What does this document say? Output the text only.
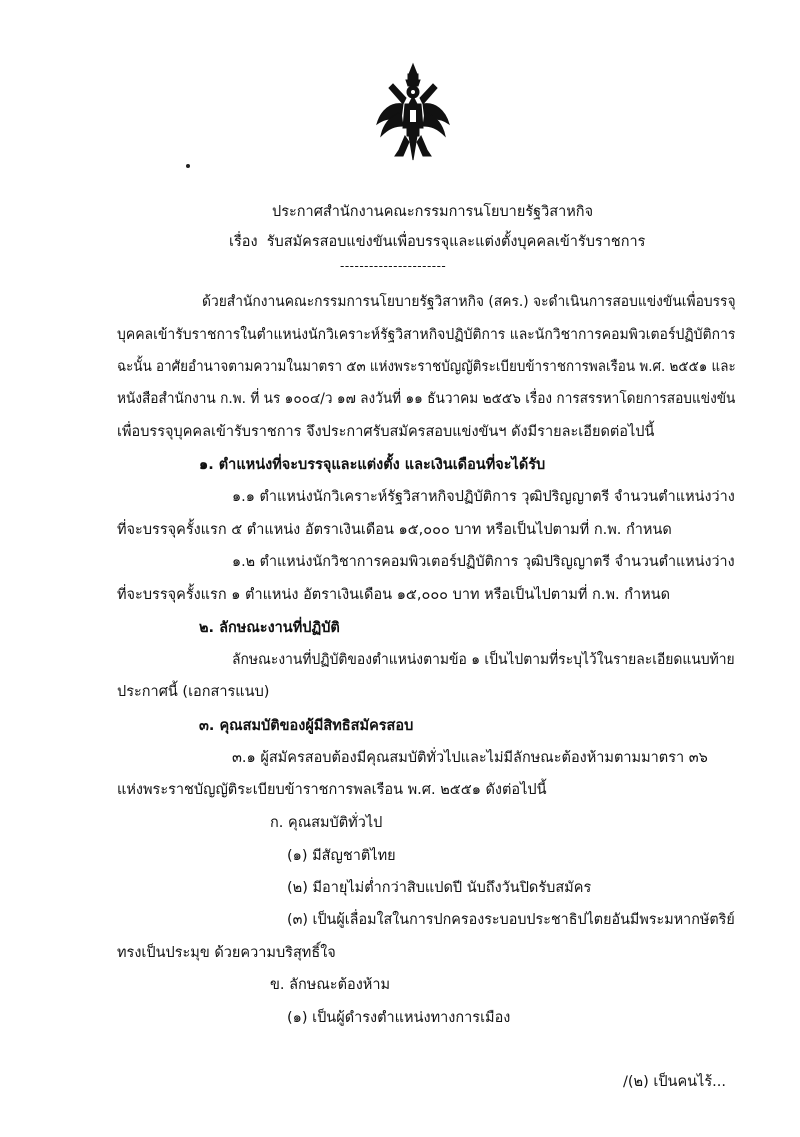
ประกาศสำนักงานคณะกรรมการนโยบายรัฐวิสาหกิจ
เรื่อง รับสมัครสอบแข่งขันเพื่อบรรจุและแต่งตั้งบุคคลเข้ารับราชการ
----------------------
ด้วยสำนักงานคณะกรรมการนโยบายรัฐวิสาหกิจ (สคร.) จะดำเนินการสอบแข่งขันเพื่อบรรจุ
บุคคลเข้ารับราชการในตำแหน่งนักวิเคราะห์รัฐวิสาหกิจปฏิบัติการ และนักวิชาการคอมพิวเตอร์ปฏิบัติการ
ฉะนั้น อาศัยอำนาจตามความในมาตรา ๕๓ แห่งพระราชบัญญัติระเบียบข้าราชการพลเรือน พ.ศ. ๒๕๕๑ และ
หนังสือสำนักงาน ก.พ. ที่ นร ๑๐๐๔/ว ๑๗ ลงวันที่ ๑๑ ธันวาคม ๒๕๕๖ เรื่อง การสรรหาโดยการสอบแข่งขัน
เพื่อบรรจุบุคคลเข้ารับราชการ จึงประกาศรับสมัครสอบแข่งขันฯ ดังมีรายละเอียดต่อไปนี้
๑. ตำแหน่งที่จะบรรจุและแต่งตั้ง และเงินเดือนที่จะได้รับ
๑.๑ ตำแหน่งนักวิเคราะห์รัฐวิสาหกิจปฏิบัติการ วุฒิปริญญาตรี จำนวนตำแหน่งว่าง
ที่จะบรรจุครั้งแรก ๕ ตำแหน่ง อัตราเงินเดือน ๑๕,๐๐๐ บาท หรือเป็นไปตามที่ ก.พ. กำหนด
๑.๒ ตำแหน่งนักวิชาการคอมพิวเตอร์ปฏิบัติการ วุฒิปริญญาตรี จำนวนตำแหน่งว่าง
ที่จะบรรจุครั้งแรก ๑ ตำแหน่ง อัตราเงินเดือน ๑๕,๐๐๐ บาท หรือเป็นไปตามที่ ก.พ. กำหนด
๒. ลักษณะงานที่ปฏิบัติ
ลักษณะงานที่ปฏิบัติของตำแหน่งตามข้อ ๑ เป็นไปตามที่ระบุไว้ในรายละเอียดแนบท้าย
ประกาศนี้ (เอกสารแนบ)
๓. คุณสมบัติของผู้มีสิทธิสมัครสอบ
๓.๑ ผู้สมัครสอบต้องมีคุณสมบัติทั่วไปและไม่มีลักษณะต้องห้ามตามมาตรา ๓๖
แห่งพระราชบัญญัติระเบียบข้าราชการพลเรือน พ.ศ. ๒๕๕๑ ดังต่อไปนี้
ก. คุณสมบัติทั่วไป
(๑) มีสัญชาติไทย
(๒) มีอายุไม่ต่ำกว่าสิบแปดปี นับถึงวันปิดรับสมัคร
(๓) เป็นผู้เลื่อมใสในการปกครองระบอบประชาธิปไตยอันมีพระมหากษัตริย์
ทรงเป็นประมุข ด้วยความบริสุทธิ์ใจ
ข. ลักษณะต้องห้าม
(๑) เป็นผู้ดำรงตำแหน่งทางการเมือง
/(๒) เป็นคนไร้...
